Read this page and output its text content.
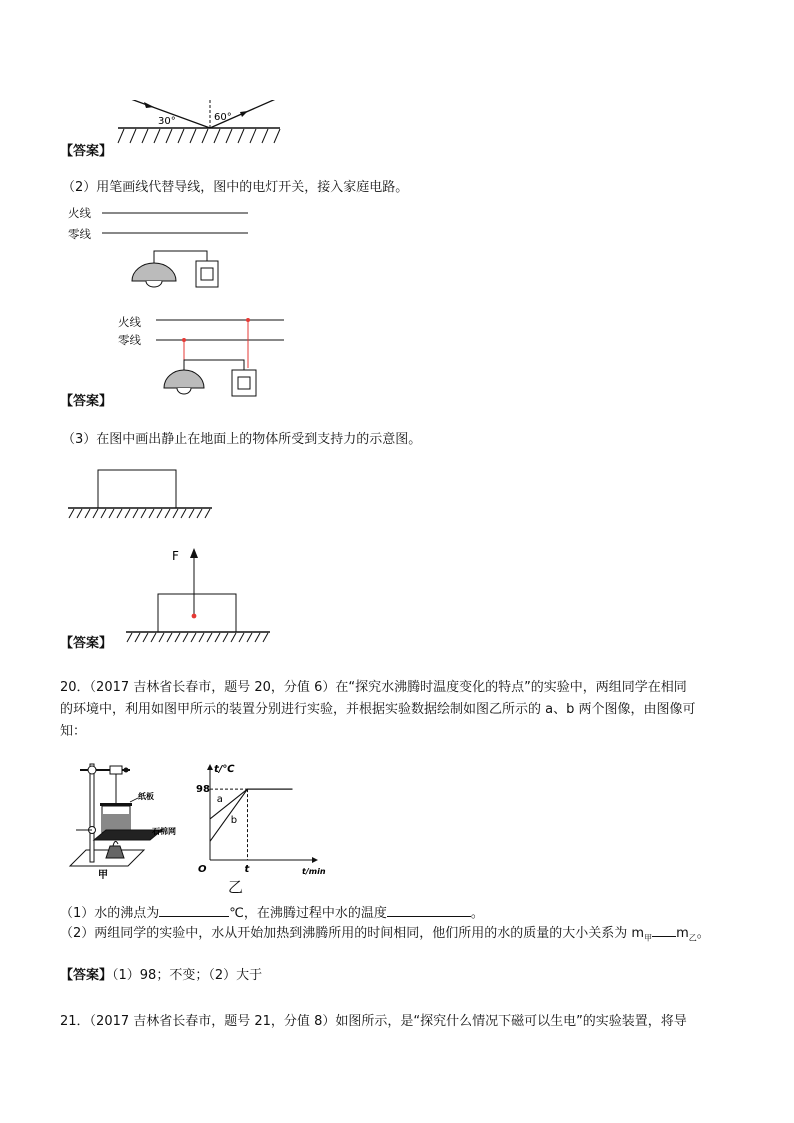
30°	60°
【答案】
（2）用笔画线代替导线，图中的电灯开关，接入家庭电路。
火线
零线
火线
零线
【答案】
（3）在图中画出静止在地面上的物体所受到支持力的示意图。
F
【答案】
20．（2017 吉林省长春市，题号 20，分值 6）在“探究水沸腾时温度变化的特点”的实验中，两组同学在相同
的环境中，利用如图甲所示的装置分别进行实验，并根据实验数据绘制如图乙所示的 a、b 两个图像，由图像可
知：
纸板
石棉网
甲
a
b
t/℃
t/min
O	t
98
乙
（1）水的沸点为	℃，在沸腾过程中水的温度	。
（2）两组同学的实验中，水从开始加热到沸腾所用的时间相同，他们所用的水的质量的大小关系为 $m_甲$ $m_乙$。
【答案】（1）98；不变；（2）大于
21．（2017 吉林省长春市，题号 21，分值 8）如图所示，是“探究什么情况下磁可以生电”的实验装置，将导
